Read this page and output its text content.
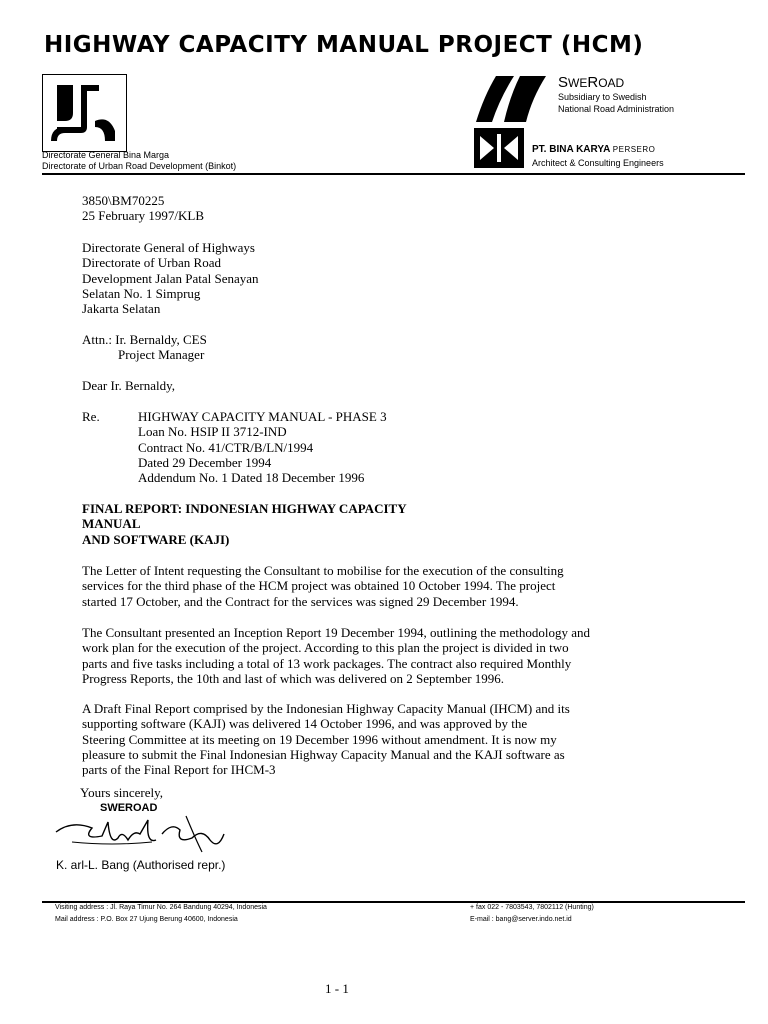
HIGHWAY CAPACITY MANUAL PROJECT (HCM)
Directorate General Bina Marga
Directorate of Urban Road Development (Binkot)
SWEROAD
Subsidiary to Swedish
National Road Administration
PT. BINA KARYA PERSERO
Architect & Consulting Engineers
3850\BM70225
25 February 1997/KLB
Directorate General of Highways
Directorate of Urban Road
Development Jalan Patal Senayan
Selatan No. 1 Simprug
Jakarta Selatan
Attn.: Ir. Bernaldy, CES
Project Manager
Dear Ir. Bernaldy,
Re.	HIGHWAY CAPACITY MANUAL - PHASE 3
Loan No. HSIP II 3712-IND
Contract No. 41/CTR/B/LN/1994
Dated 29 December 1994
Addendum No. 1 Dated 18 December 1996
FINAL REPORT: INDONESIAN HIGHWAY CAPACITY
MANUAL
AND SOFTWARE (KAJI)
The Letter of Intent requesting the Consultant to mobilise for the execution of the consulting
services for the third phase of the HCM project was obtained 10 October 1994. The project
started 17 October, and the Contract for the services was signed 29 December 1994.
The Consultant presented an Inception Report 19 December 1994, outlining the methodology and
work plan for the execution of the project. According to this plan the project is divided in two
parts and five tasks including a total of 13 work packages. The contract also required Monthly
Progress Reports, the 10th and last of which was delivered on 2 September 1996.
A Draft Final Report comprised by the Indonesian Highway Capacity Manual (IHCM) and its
supporting software (KAJI) was delivered 14 October 1996, and was approved by the
Steering Committee at its meeting on 19 December 1996 without amendment. It is now my
pleasure to submit the Final Indonesian Highway Capacity Manual and the KAJI software as
parts of the Final Report for IHCM-3
Yours sincerely,
SWEROAD
K. arl-L. Bang (Authorised repr.)
Visiting address : Jl. Raya Timur No. 264 Bandung 40294, Indonesia
Mail address : P.O. Box 27 Ujung Berung 40600, Indonesia
+ fax 022 - 7803543, 7802112 (Hunting)
E-mail : bang@server.indo.net.id
1 - 1
